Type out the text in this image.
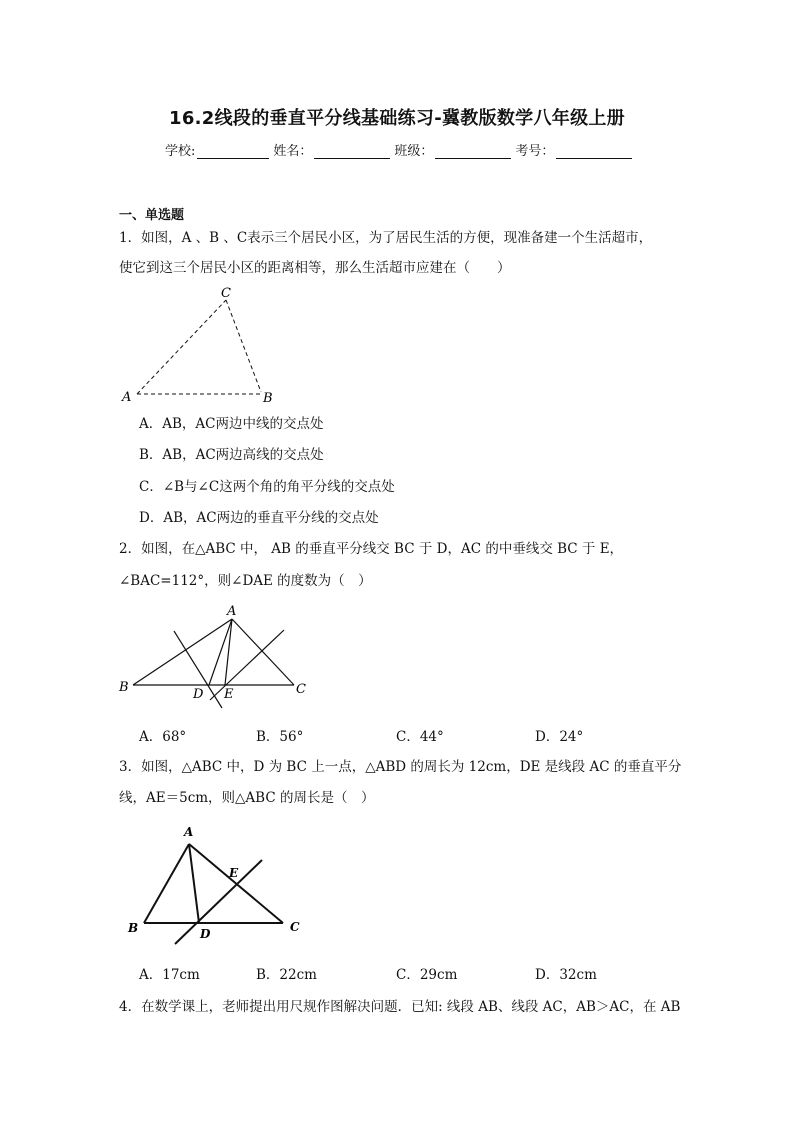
16.2线段的垂直平分线基础练习-冀教版数学八年级上册
学校:	姓名：	班级：	考号：
一、单选题
1．如图，A 、B 、C表示三个居民小区，为了居民生活的方便，现准备建一个生活超市，
使它到这三个居民小区的距离相等，那么生活超市应建在（　　）
C
A	B
A．AB，AC两边中线的交点处
B．AB，AC两边高线的交点处
C．∠B与∠C这两个角的角平分线的交点处
D．AB，AC两边的垂直平分线的交点处
2．如图，在△ABC 中， AB 的垂直平分线交 BC 于 D，AC 的中垂线交 BC 于 E，
∠BAC=112°，则∠DAE 的度数为（　）
A
B	C
D E
A．68°	B．56°	C．44°	D．24°
3．如图，△ABC 中，D 为 BC 上一点，△ABD 的周长为 12cm，DE 是线段 AC 的垂直平分
线，AE＝5cm，则△ABC 的周长是（　）
A
B	C
D
E
A．17cm	B．22cm	C．29cm	D．32cm
4．在数学课上，老师提出用尺规作图解决问题．已知: 线段 AB、线段 AC，AB＞AC，在 AB
